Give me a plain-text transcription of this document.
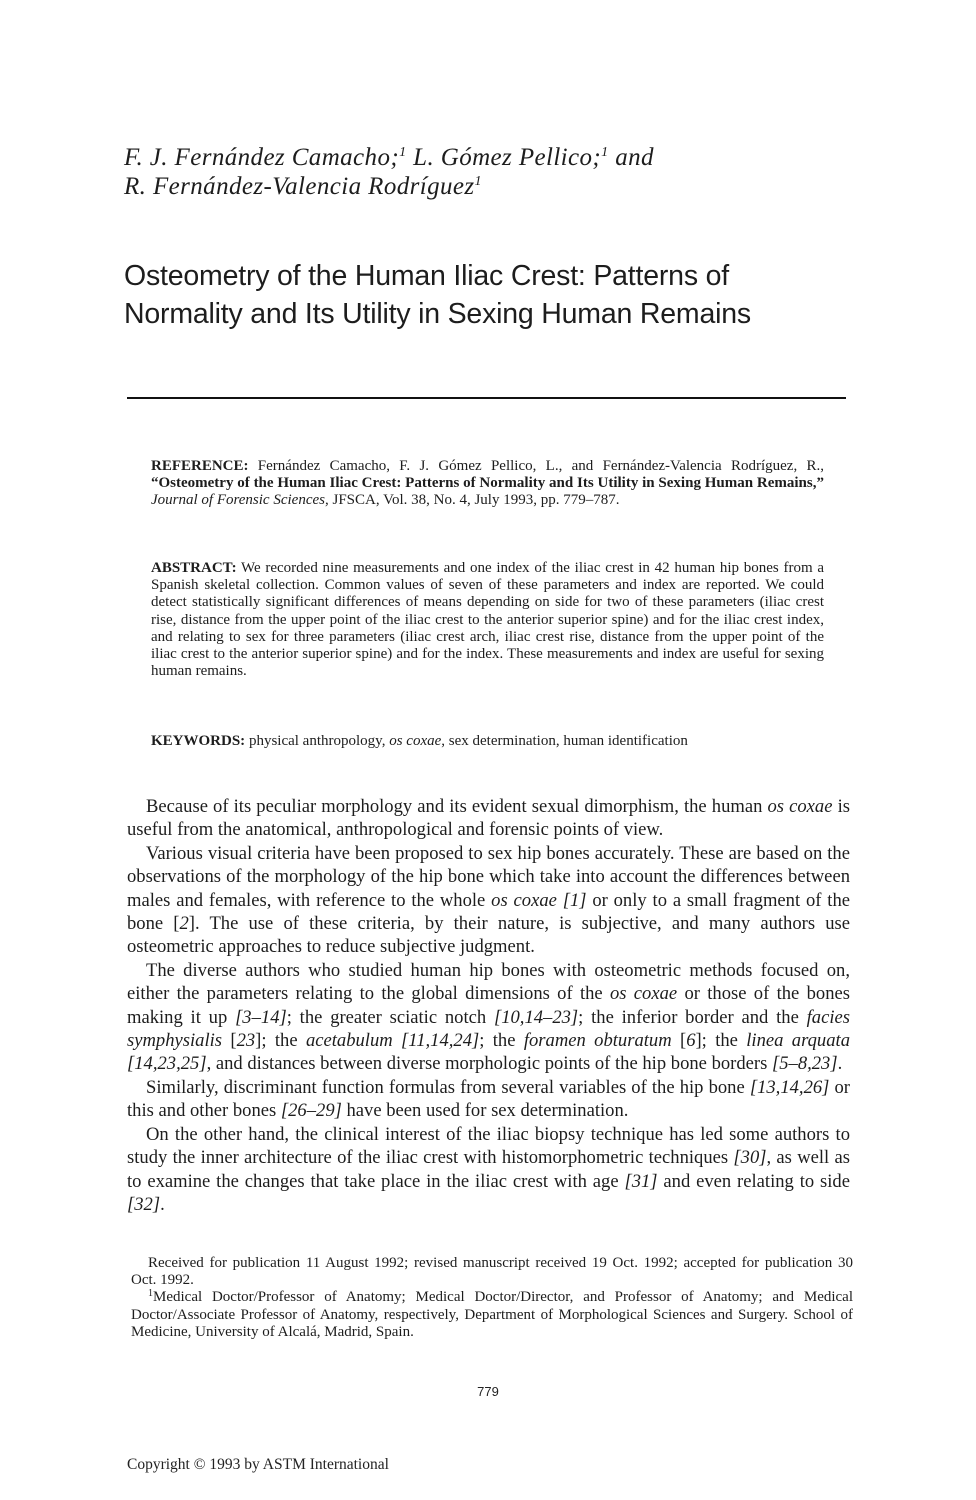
F. J. Fernández Camacho;$^1$ L. Gómez Pellico;$^1$ and
R. Fernández-Valencia Rodríguez$^1$
Osteometry of the Human Iliac Crest: Patterns of
Normality and Its Utility in Sexing Human Remains
REFERENCE: Fernández Camacho, F. J. Gómez Pellico, L., and Fernández-Valencia Rodríguez, R., “Osteometry of the Human Iliac Crest: Patterns of Normality and Its Utility in Sexing Human Remains,” Journal of Forensic Sciences, JFSCA, Vol. 38, No. 4, July 1993, pp. 779–787.
ABSTRACT: We recorded nine measurements and one index of the iliac crest in 42 human hip bones from a Spanish skeletal collection. Common values of seven of these parameters and index are reported. We could detect statistically significant differences of means depending on side for two of these parameters (iliac crest rise, distance from the upper point of the iliac crest to the anterior superior spine) and for the iliac crest index, and relating to sex for three parameters (iliac crest arch, iliac crest rise, distance from the upper point of the iliac crest to the anterior superior spine) and for the index. These measurements and index are useful for sexing human remains.
KEYWORDS: physical anthropology, os coxae, sex determination, human identification

Because of its peculiar morphology and its evident sexual dimorphism, the human os coxae is useful from the anatomical, anthropological and forensic points of view.

Various visual criteria have been proposed to sex hip bones accurately. These are based on the observations of the morphology of the hip bone which take into account the differences between males and females, with reference to the whole os coxae [1] or only to a small fragment of the bone [2]. The use of these criteria, by their nature, is subjective, and many authors use osteometric approaches to reduce subjective judgment.

The diverse authors who studied human hip bones with osteometric methods focused on, either the parameters relating to the global dimensions of the os coxae or those of the bones making it up [3–14]; the greater sciatic notch [10,14–23]; the inferior border and the facies symphysialis [23]; the acetabulum [11,14,24]; the foramen obturatum [6]; the linea arquata [14,23,25], and distances between diverse morphologic points of the hip bone borders [5–8,23].

Similarly, discriminant function formulas from several variables of the hip bone [13,14,26] or this and other bones [26–29] have been used for sex determination.

On the other hand, the clinical interest of the iliac biopsy technique has led some authors to study the inner architecture of the iliac crest with histomorphometric techniques [30], as well as to examine the changes that take place in the iliac crest with age [31] and even relating to side [32].

Received for publication 11 August 1992; revised manuscript received 19 Oct. 1992; accepted for publication 30 Oct. 1992.

$^1$Medical Doctor/Professor of Anatomy; Medical Doctor/Director, and Professor of Anatomy; and Medical Doctor/Associate Professor of Anatomy, respectively, Department of Morphological Sciences and Surgery. School of Medicine, University of Alcalá, Madrid, Spain.

779
Copyright © 1993 by ASTM International
